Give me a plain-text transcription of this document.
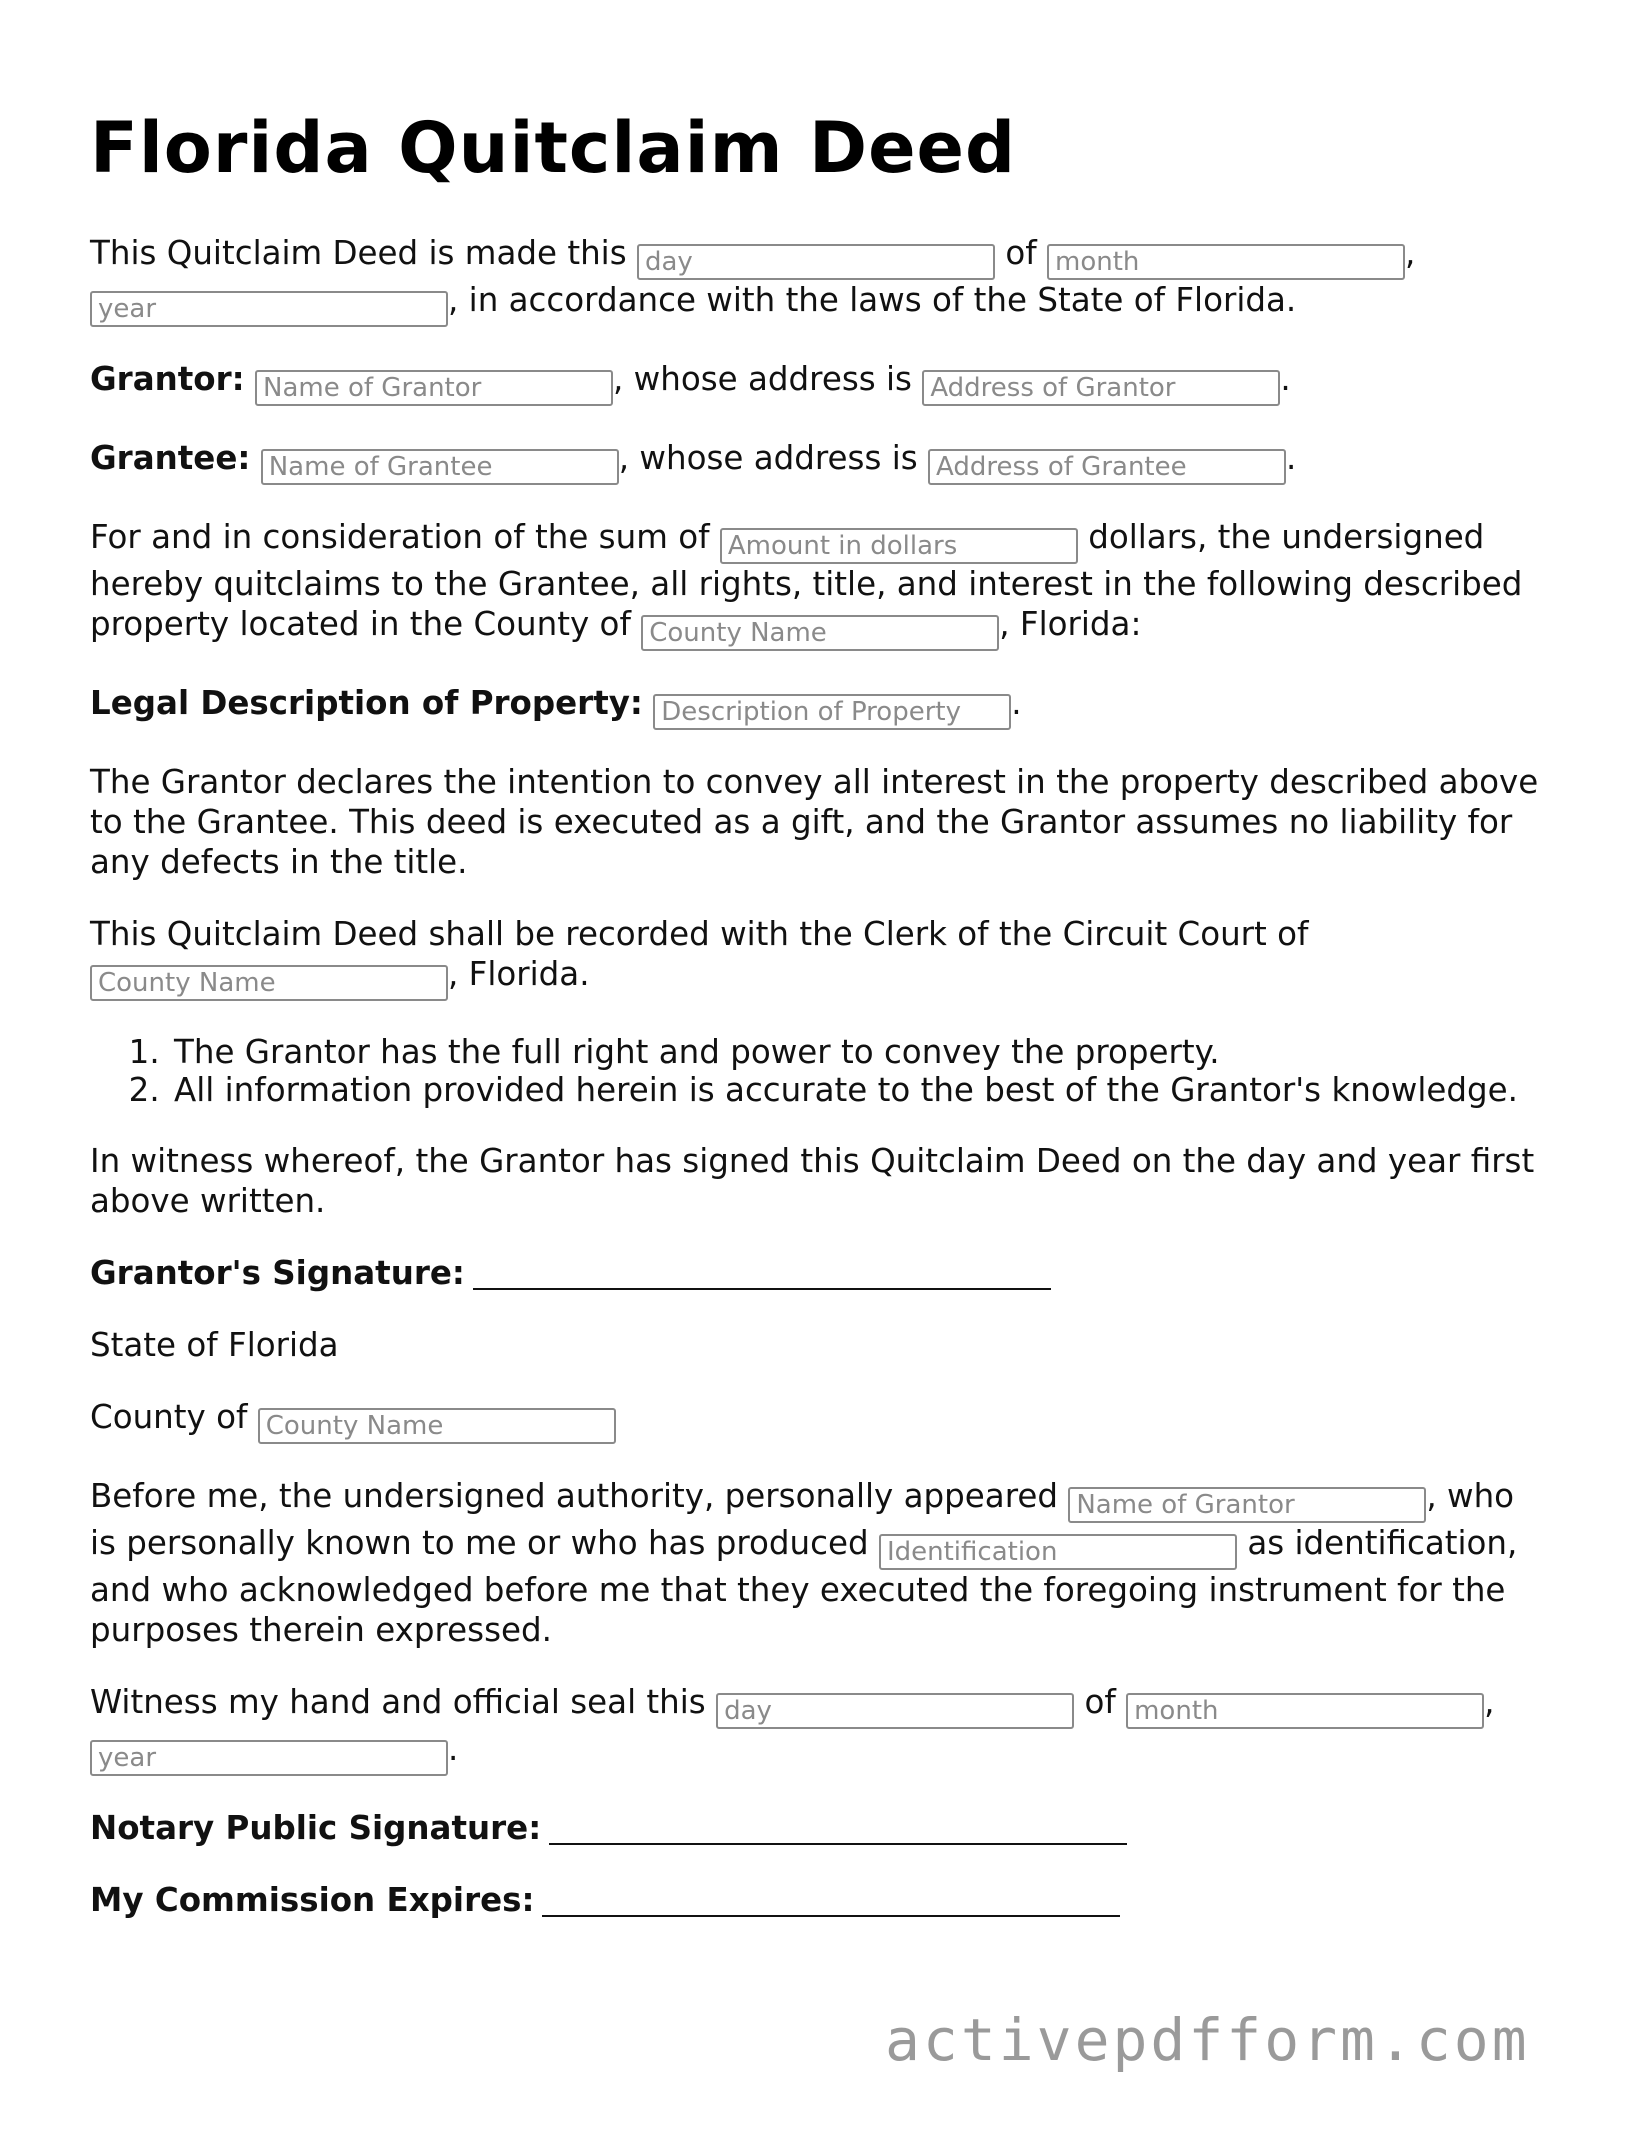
Florida Quitclaim Deed

This Quitclaim Deed is made this day	of month	,
year, in accordance with the laws of the State of Florida.

Grantor: Name of Grantor	, whose address is Address of Grantor	.

Grantee: Name of Grantee	, whose address is Address of Grantee	.

For and in consideration of the sum of Amount in dollars	dollars, the undersigned hereby quitclaims to the Grantee, all rights, title, and interest in the following described property located in the County of County Name	, Florida:

Legal Description of Property: Description of Property	.

The Grantor declares the intention to convey all interest in the property described above to the Grantee. This deed is executed as a gift, and the Grantor assumes no liability for any defects in the title.

This Quitclaim Deed shall be recorded with the Clerk of the Circuit Court of
County Name, Florida.

1. The Grantor has the full right and power to convey the property.
2. All information provided herein is accurate to the best of the Grantor's knowledge.

In witness whereof, the Grantor has signed this Quitclaim Deed on the day and year first above written.

Grantor's Signature:

State of Florida

County of County Name

Before me, the undersigned authority, personally appeared Name of Grantor	, who is personally known to me or who has produced Identification	as identification, and who acknowledged before me that they executed the foregoing instrument for the purposes therein expressed.

Witness my hand and official seal this day	of month	,
year.

Notary Public Signature:

My Commission Expires:

activepdfform.com
